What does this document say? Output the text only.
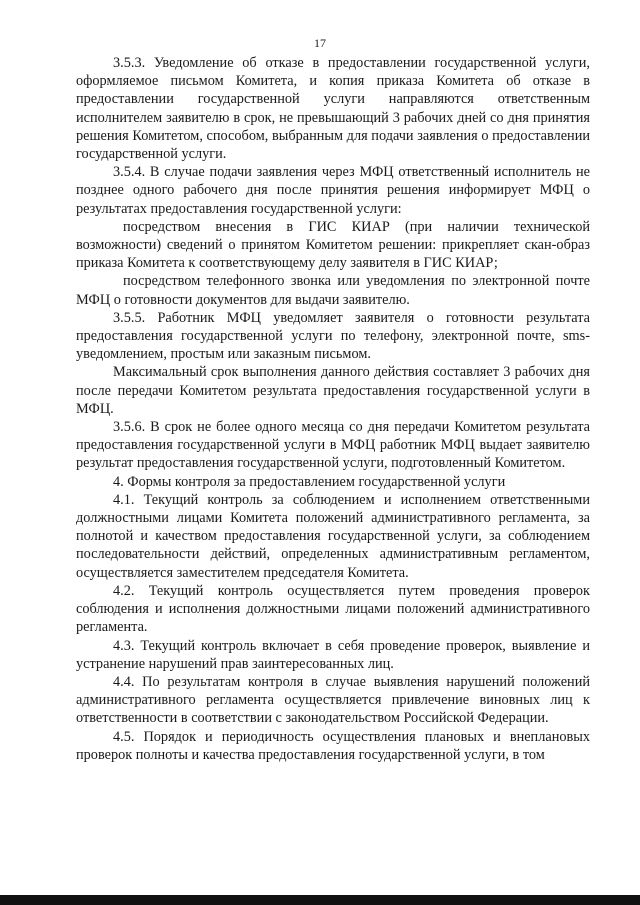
17

3.5.3. Уведомление об отказе в предоставлении государственной услуги, оформляемое письмом Комитета, и копия приказа Комитета об отказе в предоставлении государственной услуги направляются ответственным исполнителем заявителю в срок, не превышающий 3 рабочих дней со дня принятия решения Комитетом, способом, выбранным для подачи заявления о предоставлении государственной услуги.

3.5.4. В случае подачи заявления через МФЦ ответственный исполнитель не позднее одного рабочего дня после принятия решения информирует МФЦ о результатах предоставления государственной услуги:

посредством внесения в ГИС КИАР (при наличии технической возможности) сведений о принятом Комитетом решении: прикрепляет скан-образ приказа Комитета к соответствующему делу заявителя в ГИС КИАР;

посредством телефонного звонка или уведомления по электронной почте МФЦ о готовности документов для выдачи заявителю.

3.5.5. Работник МФЦ уведомляет заявителя о готовности результата предоставления государственной услуги по телефону, электронной почте, sms-уведомлением, простым или заказным письмом.

Максимальный срок выполнения данного действия составляет 3 рабочих дня после передачи Комитетом результата предоставления государственной услуги в МФЦ.

3.5.6. В срок не более одного месяца со дня передачи Комитетом результата предоставления государственной услуги в МФЦ работник МФЦ выдает заявителю результат предоставления государственной услуги, подготовленный Комитетом.

4. Формы контроля за предоставлением государственной услуги

4.1. Текущий контроль за соблюдением и исполнением ответственными должностными лицами Комитета положений административного регламента, за полнотой и качеством предоставления государственной услуги, за соблюдением последовательности действий, определенных административным регламентом, осуществляется заместителем председателя Комитета.

4.2. Текущий контроль осуществляется путем проведения проверок соблюдения и исполнения должностными лицами положений административного регламента.

4.3. Текущий контроль включает в себя проведение проверок, выявление и устранение нарушений прав заинтересованных лиц.

4.4. По результатам контроля в случае выявления нарушений положений административного регламента осуществляется привлечение виновных лиц к ответственности в соответствии с законодательством Российской Федерации.

4.5. Порядок и периодичность осуществления плановых и внеплановых проверок полноты и качества предоставления государственной услуги, в том
